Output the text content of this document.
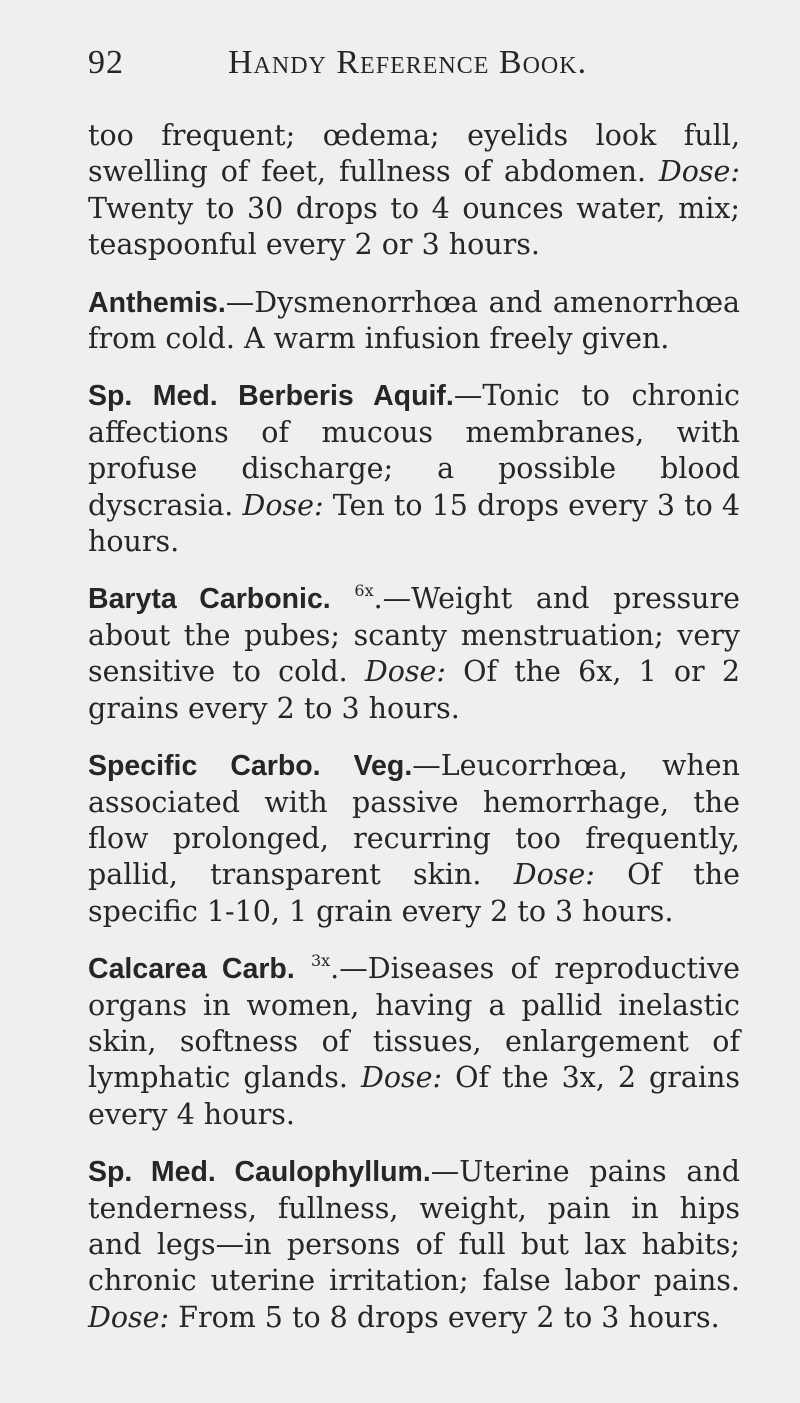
92	Handy Reference Book.

too frequent; œdema; eyelids look full, swelling of feet, fullness of abdomen. Dose: Twenty to 30 drops to 4 ounces water, mix; teaspoonful every 2 or 3 hours.

Anthemis.—Dysmenorrhœa and amenorrhœa from cold. A warm infusion freely given.

Sp. Med. Berberis Aquif.—Tonic to chronic affections of mucous membranes, with profuse discharge; a possible blood dyscrasia. Dose: Ten to 15 drops every 3 to 4 hours.

Baryta Carbonic. $^{6x}$.—Weight and pressure about the pubes; scanty menstruation; very sensitive to cold. Dose: Of the 6x, 1 or 2 grains every 2 to 3 hours.

Specific Carbo. Veg.—Leucorrhœa, when associated with passive hemorrhage, the flow prolonged, recurring too frequently, pallid, transparent skin. Dose: Of the specific 1-10, 1 grain every 2 to 3 hours.

Calcarea Carb. $^{3x}$.—Diseases of reproductive organs in women, having a pallid inelastic skin, softness of tissues, enlargement of lymphatic glands. Dose: Of the 3x, 2 grains every 4 hours.

Sp. Med. Caulophyllum.—Uterine pains and tenderness, fullness, weight, pain in hips and legs—in persons of full but lax habits; chronic uterine irritation; false labor pains. Dose: From 5 to 8 drops every 2 to 3 hours.
